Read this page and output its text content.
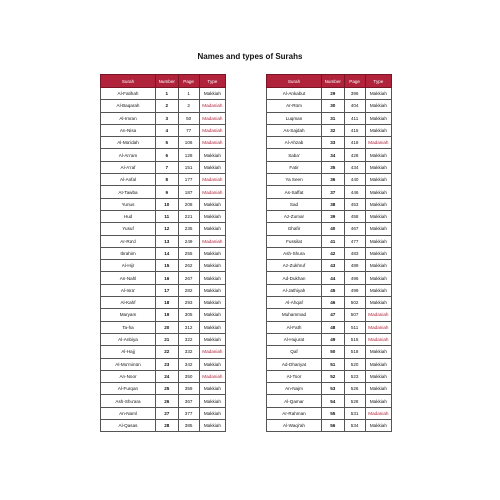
Names and types of Surahs
Surah	Number	Page	Type
Al-Fatihah	1	1	Makkiah
Al-Baqarah	2	2	Madaniah
Al-Imran	3	50	Madaniah
An-Nisa	4	77	Madaniah
Al-Ma'idah	5	106	Madaniah
Al-An'am	6	128	Makkiah
Al-A'raf	7	151	Makkiah
Al-Anfal	8	177	Madaniah
At-Tawba	9	187	Madaniah
Yunus	10	208	Makkiah
Hud	11	221	Makkiah
Yusuf	12	235	Makkiah
Ar-Ra'd	13	249	Madaniah
Ibrahim	14	255	Makkiah
Al-Hijr	15	262	Makkiah
An-Nahl	16	267	Makkiah
Al-Isra'	17	282	Makkiah
Al-Kahf	18	293	Makkiah
Maryam	19	305	Makkiah
Ta-ha	20	312	Makkiah
Al-Anbiya	21	322	Makkiah
Al-Hajj	22	332	Madaniah
Al-Mu'minūn	23	342	Makkiah
An-Noor	24	350	Madaniah
Al-Furqan	25	359	Makkiah
Ash-Shu'ara	26	367	Makkiah
An-Naml	27	377	Makkiah
Al-Qasas	28	385	Makkiah
Surah	Number	Page	Type
Al-Ankabut	29	396	Makkiah
Ar-Rūm	30	404	Makkiah
Luqman	31	411	Makkiah
As-Sajdah	32	415	Makkiah
Al-Ahzab	33	418	Madaniah
Saba'	34	428	Makkiah
Fatir	35	434	Makkiah
Ya Seen	36	440	Makkiah
As-Saffat	37	446	Makkiah
Sad	38	453	Makkiah
Az-Zumar	39	458	Makkiah
Ghafir	40	467	Makkiah
Fussilat	41	477	Makkiah
Ash-Shura	42	483	Makkiah
Az-Zukhruf	43	489	Makkiah
Ad-Dukhan	44	496	Makkiah
Al-Jathiyah	45	499	Makkiah
Al-Ahqaf	46	502	Makkiah
Muhammad	47	507	Madaniah
Al-Fath	48	511	Madaniah
Al-Hujurat	49	515	Madaniah
Qaf	50	518	Makkiah
Ad-Dhariyat	51	520	Makkiah
At-Toor	52	523	Makkiah
An-Najm	53	526	Makkiah
Al-Qamar	54	528	Makkiah
Ar-Rahman	55	531	Madaniah
Al-Waqi'ah	56	534	Makkiah
